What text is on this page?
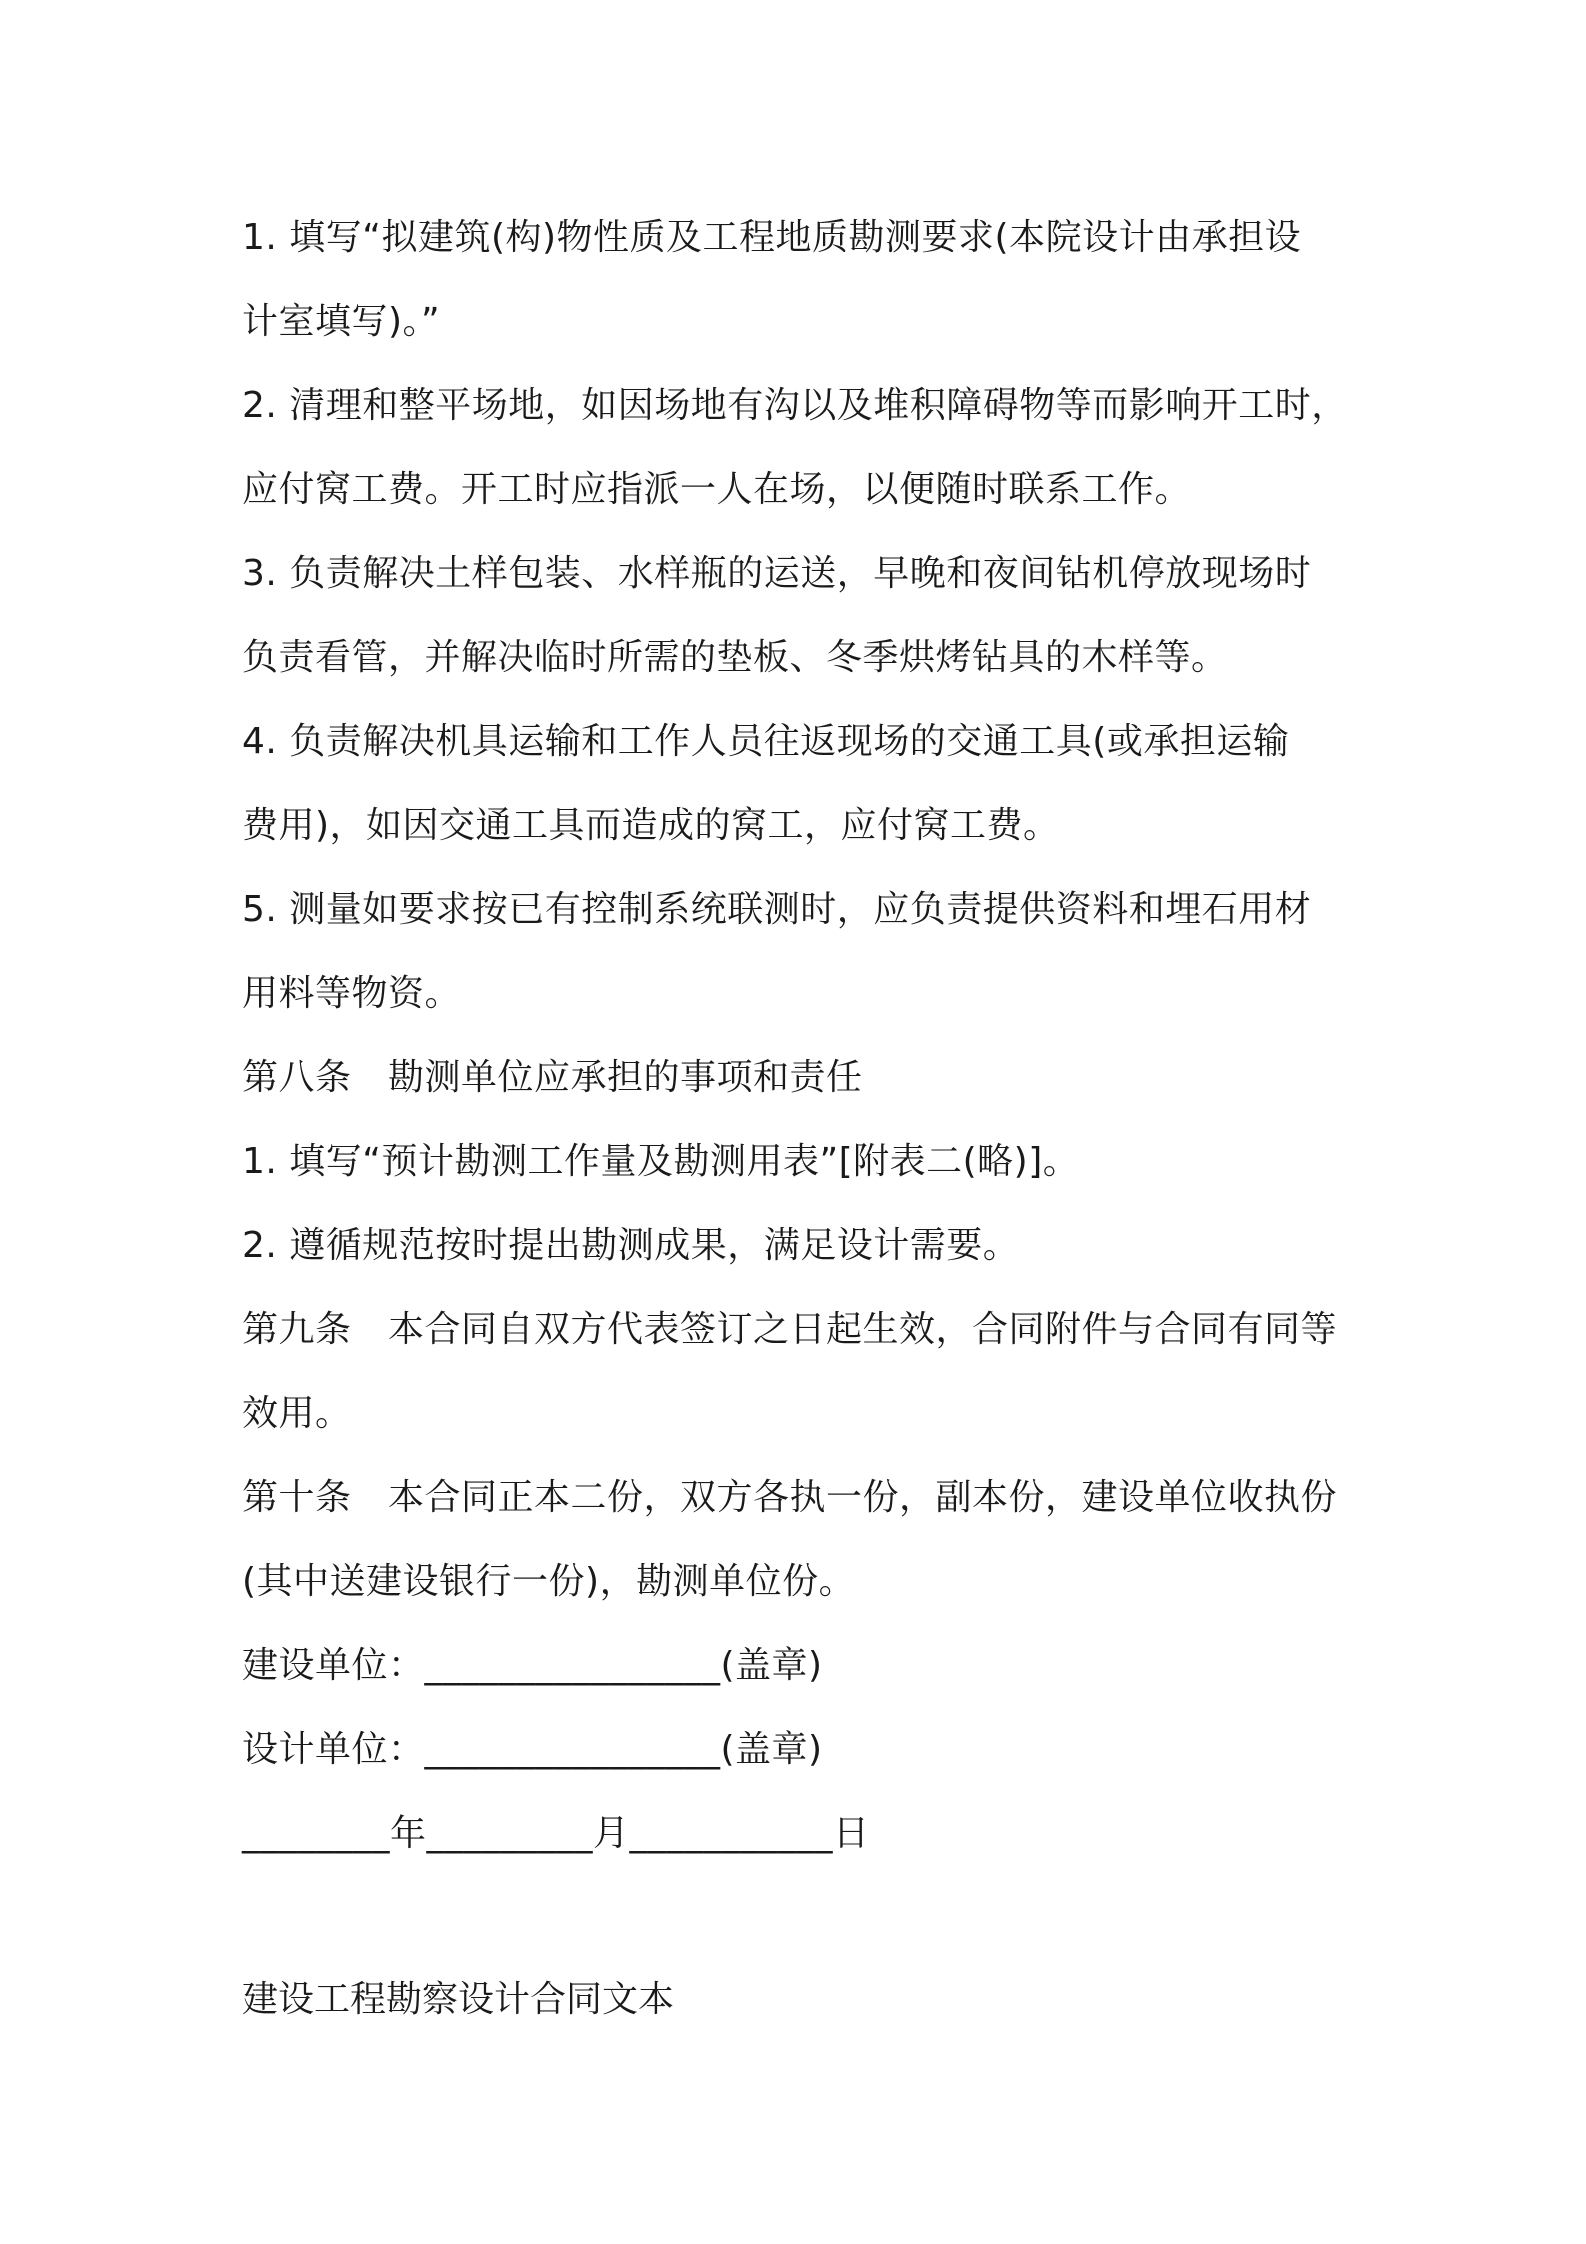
1. 填写“拟建筑(构)物性质及工程地质勘测要求(本院设计由承担设
计室填写)。”
2. 清理和整平场地，如因场地有沟以及堆积障碍物等而影响开工时，
应付窝工费。开工时应指派一人在场，以便随时联系工作。
3. 负责解决土样包装、水样瓶的运送，早晚和夜间钻机停放现场时
负责看管，并解决临时所需的垫板、冬季烘烤钻具的木样等。
4. 负责解决机具运输和工作人员往返现场的交通工具(或承担运输
费用)，如因交通工具而造成的窝工，应付窝工费。
5. 测量如要求按已有控制系统联测时，应负责提供资料和埋石用材
用料等物资。
第八条　勘测单位应承担的事项和责任
1. 填写“预计勘测工作量及勘测用表”[附表二(略)]。
2. 遵循规范按时提出勘测成果，满足设计需要。
第九条　本合同自双方代表签订之日起生效，合同附件与合同有同等
效用。
第十条　本合同正本二份，双方各执一份，副本份，建设单位收执份
(其中送建设银行一份)，勘测单位份。
建设单位：________________(盖章)
设计单位：________________(盖章)
________年_________月___________日
建设工程勘察设计合同文本
